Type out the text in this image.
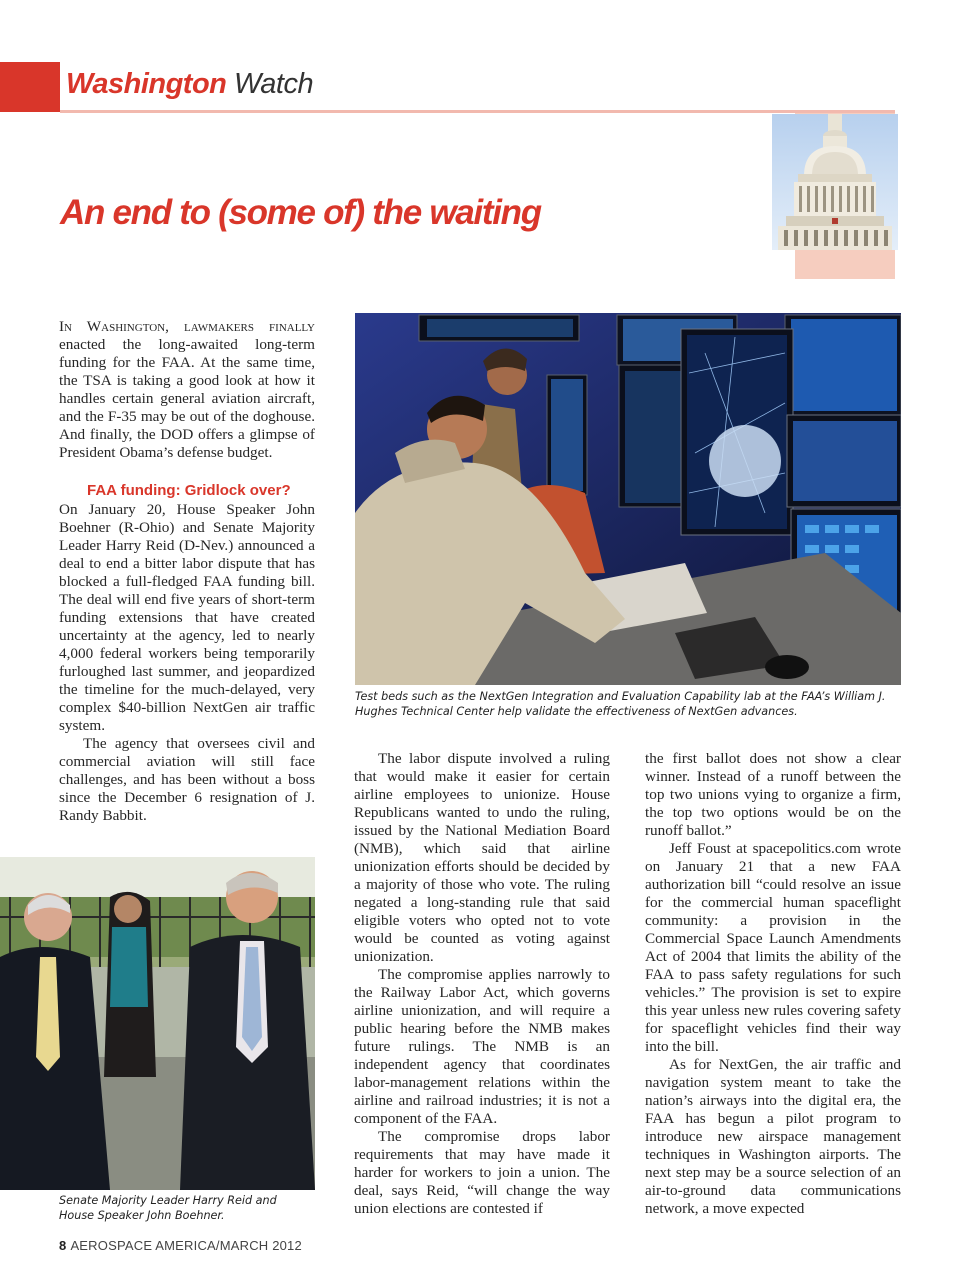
Washington Watch
An end to (some of) the waiting

In Washington, lawmakers finally enacted the long-awaited long-term funding for the FAA. At the same time, the TSA is taking a good look at how it handles certain general aviation aircraft, and the F-35 may be out of the doghouse. And finally, the DOD offers a glimpse of President Obama’s defense budget.

FAA funding: Gridlock over?

On January 20, House Speaker John Boehner (R-Ohio) and Senate Majority Leader Harry Reid (D-Nev.) announced a deal to end a bitter labor dispute that has blocked a full-fledged FAA funding bill. The deal will end five years of short-term funding extensions that have created uncertainty at the agency, led to nearly 4,000 federal workers being temporarily furloughed last summer, and jeopardized the timeline for the much-delayed, very complex $40-billion NextGen air traffic system.

The agency that oversees civil and commercial aviation will still face challenges, and has been without a boss since the December 6 resignation of J. Randy Babbit.

Test beds such as the NextGen Integration and Evaluation Capability lab at the FAA’s William J. Hughes Technical Center help validate the effectiveness of NextGen advances.

The labor dispute involved a ruling that would make it easier for certain airline employees to unionize. House Republicans wanted to undo the ruling, issued by the National Mediation Board (NMB), which said that airline unionization efforts should be decided by a majority of those who vote. The ruling negated a long-standing rule that said eligible voters who opted not to vote would be counted as voting against unionization.

The compromise applies narrowly to the Railway Labor Act, which governs airline unionization, and will require a public hearing before the NMB makes future rulings. The NMB is an independent agency that coordinates labor-management relations within the airline and railroad industries; it is not a component of the FAA.

The compromise drops labor requirements that may have made it harder for workers to join a union. The deal, says Reid, “will change the way union elections are contested if

the first ballot does not show a clear winner. Instead of a runoff between the top two unions vying to organize a firm, the top two options would be on the runoff ballot.”

Jeff Foust at spacepolitics.com wrote on January 21 that a new FAA authorization bill “could resolve an issue for the commercial human spaceflight community: a provision in the Commercial Space Launch Amendments Act of 2004 that limits the ability of the FAA to pass safety regulations for such vehicles.” The provision is set to expire this year unless new rules covering safety for spaceflight vehicles find their way into the bill.

As for NextGen, the air traffic and navigation system meant to take the nation’s airways into the digital era, the FAA has begun a pilot program to introduce new airspace management techniques in Washington airports. The next step may be a source selection of an air-to-ground data communications network, a move expected

Senate Majority Leader Harry Reid and House Speaker John Boehner.
8 AEROSPACE AMERICA/MARCH 2012
